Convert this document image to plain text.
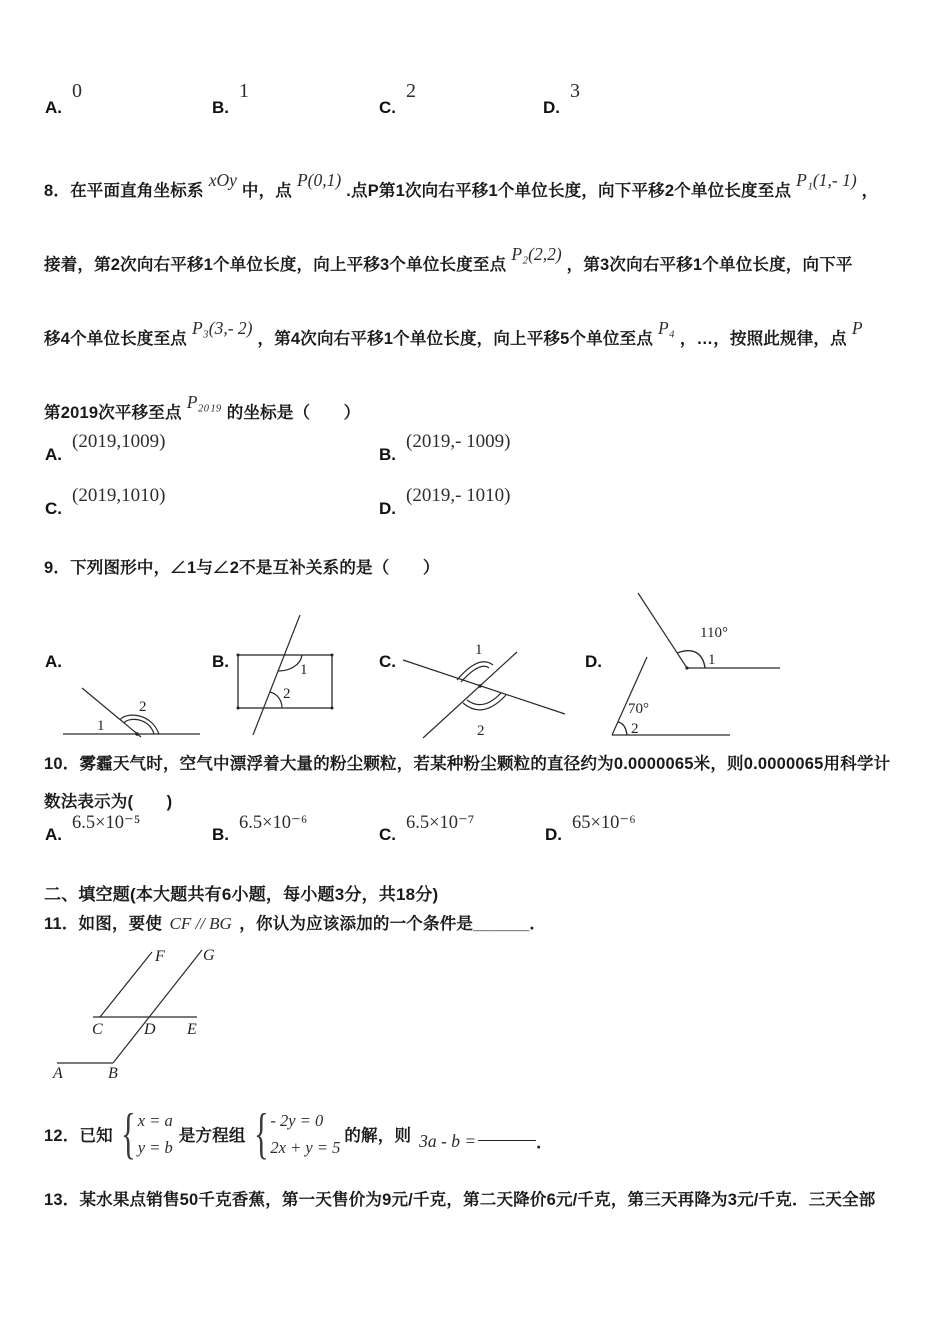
A.
0
B.
1
C.
2
D.
3
8．在平面直角坐标系
xOy
中，点
P(0,1)
.点P第1次向右平移1个单位长度，向下平移2个单位长度至点
P₁(1,- 1)
，
接着，第2次向右平移1个单位长度，向上平移3个单位长度至点
P₂(2,2)
，第3次向右平移1个单位长度，向下平
移4个单位长度至点
P₃(3,- 2)
，第4次向右平移1个单位长度，向上平移5个单位至点
P₄
，…，按照此规律，点
P
第2019次平移至点
P₂₀₁₉
的坐标是（　　）
A.
(2019,1009)
B.
(2019,- 1009)
C.
(2019,1010)
D.
(2019,- 1010)
9．下列图形中，∠1与∠2不是互补关系的是（　　）
A.
1
2
B.	1
2
C.
1
2
D.
110°
1
70°
2
10．雾霾天气时，空气中漂浮着大量的粉尘颗粒，若某种粉尘颗粒的直径约为0.0000065米，则0.0000065用科学计
数法表示为(　　)
A.
6.5×10⁻⁵
B.
6.5×10⁻⁶
C.
6.5×10⁻⁷
D.
65×10⁻⁶
二、填空题(本大题共有6小题，每小题3分，共18分)
11．如图，要使 CF // BG ，你认为应该添加的一个条件是______．
F G
C	D E
A	B
12．已知 { x = a
y = b
是方程组 { - 2y = 0
2x + y = 5
的解，则 3a - b =	．
13．某水果点销售50千克香蕉，第一天售价为9元/千克，第二天降价6元/千克，第三天再降为3元/千克．三天全部
